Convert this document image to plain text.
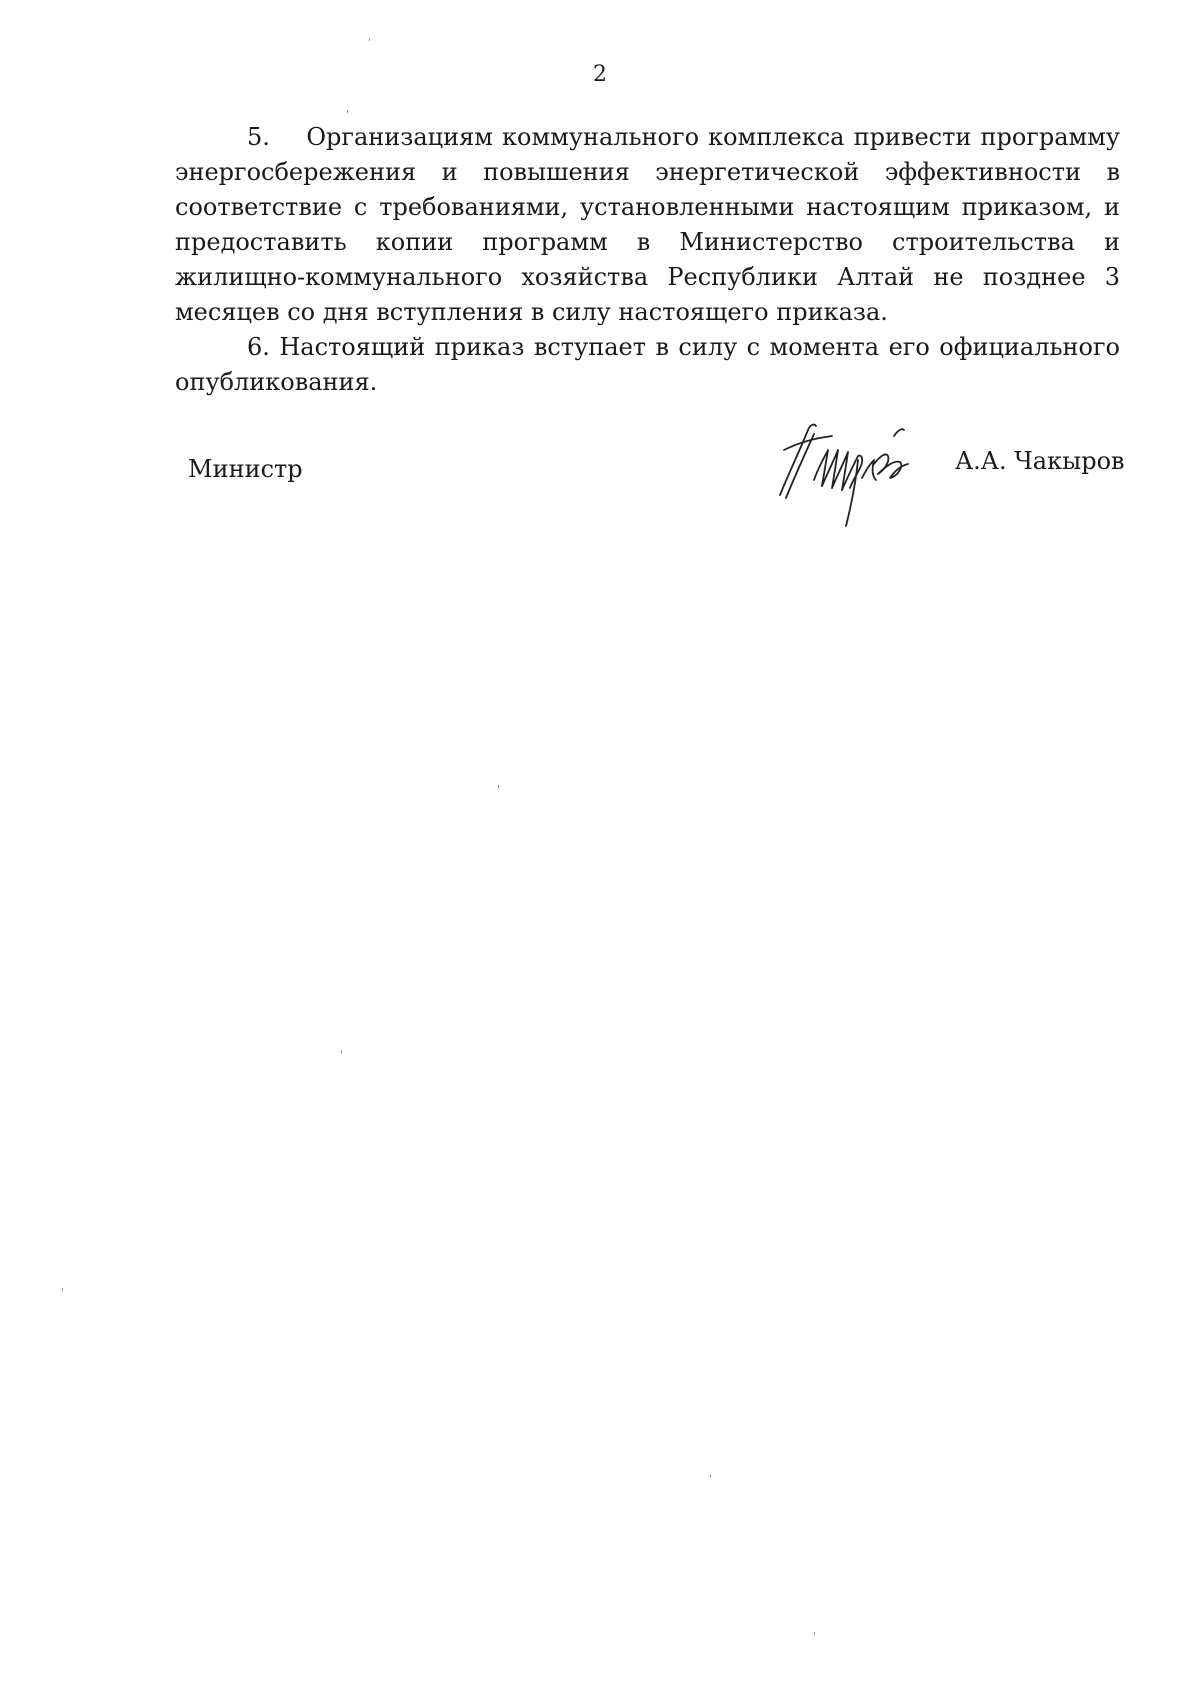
2

5.    Организациям коммунального комплекса привести программу энергосбережения и повышения энергетической эффективности в соответствие с требованиями, установленными настоящим приказом, и предоставить копии программ в Министерство строительства и жилищно-коммунального хозяйства Республики Алтай не позднее 3 месяцев со дня вступления в силу настоящего приказа.

6. Настоящий приказ вступает в силу с момента его официального опубликования.

Министр	А.А. Чакыров
